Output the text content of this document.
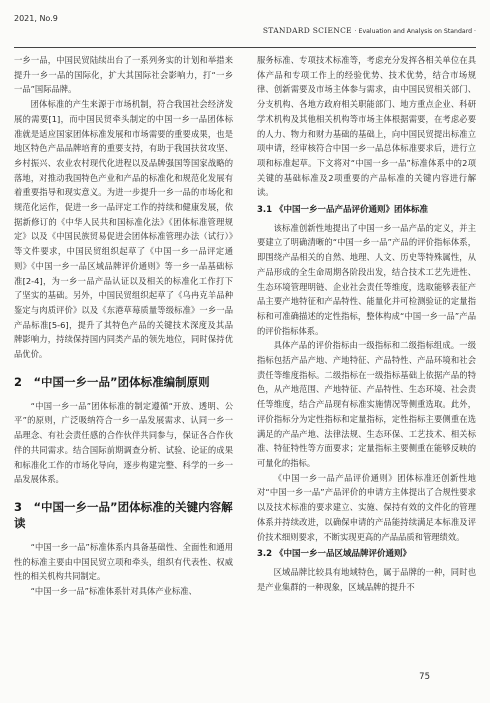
2021, No.9
STANDARD SCIENCE · Evaluation and Analysis on Standard ·

一乡一品，中国民贸陆续出台了一系列务实的计划和举措来提升一乡一品的国际化，扩大其国际社会影响力，打“一乡一品”国际品牌。

团体标准的产生来源于市场机制，符合我国社会经济发展的需要[1]，而中国民贸牵头制定的中国一乡一品团体标准就是适应国家团体标准发展和市场需要的重要成果，也是地区特色产品品牌培育的重要支持，有助于我国扶贫攻坚、乡村振兴、农业农村现代化进程以及品牌强国等国家战略的落地，对推动我国特色产业和产品的标准化和规范化发展有着重要指导和现实意义。为进一步提升一乡一品的市场化和规范化运作，促进一乡一品评定工作的持续和健康发展，依据新修订的《中华人民共和国标准化法》《团体标准管理规定》以及《中国民族贸易促进会团体标准管理办法（试行）》等文件要求，中国民贸组织起草了《中国一乡一品评定通则》《中国一乡一品区域品牌评价通则》等一乡一品基础标准[2-4]，为一乡一品产品认证以及相关的标准化工作打下了坚实的基础。另外，中国民贸组织起草了《乌冉克羊品种鉴定与肉质评价》以及《东港草莓质量等级标准》一乡一品产品标准[5-6]，提升了其特色产品的关键技术深度及其品牌影响力，持续保持国内同类产品的领先地位，同时保持优品优价。

2　“中国一乡一品”团体标准编制原则

“中国一乡一品”团体标准的制定遵循“开放、透明、公平”的原则，广泛吸纳符合一乡一品发展需求、认同一乡一品理念、有社会责任感的合作伙伴共同参与，保证各合作伙伴的共同需求。结合国际前期调查分析、试验、论证的成果和标准化工作的市场化导向，逐步构建完整、科学的一乡一品发展体系。

3　“中国一乡一品”团体标准的关键内容解读

“中国一乡一品”标准体系内具备基础性、全面性和通用性的标准主要由中国民贸立项和牵头，组织有代表性、权威性的相关机构共同制定。

“中国一乡一品”标准体系针对具体产业标准、

服务标准、专项技术标准等，考虑充分发挥各相关单位在具体产品和专项工作上的经验优势、技术优势，结合市场规律、创新需要及市场主体参与需求，由中国民贸相关部门、分支机构、各地方政府相关职能部门、地方重点企业、科研学术机构及其他相关机构等市场主体根据需要，在考虑必要的人力、物力和财力基础的基础上，向中国民贸提出标准立项申请，经审核符合中国一乡一品总体标准要求后，进行立项和标准起草。下文将对“中国一乡一品”标准体系中的2项关键的基础标准及2项重要的产品标准的关键内容进行解读。

3.1 《中国一乡一品产品评价通则》团体标准

该标准创新性地提出了中国一乡一品产品的定义，并主要建立了明确清晰的“中国一乡一品”产品的评价指标体系，即围绕产品相关的自然、地理、人文、历史等特殊属性，从产品形成的全生命周期各阶段出发，结合技术工艺先进性、生态环境管理明链、企业社会责任等维度，选取能够表征产品主要产地特征和产品特性、能量化并可检测验证的定量指标和可准确描述的定性指标，整体构成“中国一乡一品”产品的评价指标体系。

具体产品的评价指标由一级指标和二级指标组成。一级指标包括产品产地、产地特征、产品特性、产品环境和社会责任等维度指标。二级指标在一级指标基础上依据产品的特色，从产地范围、产地特征、产品特性、生态环境、社会责任等维度，结合产品现有标准实施情况等侧重选取。此外，评价指标分为定性指标和定量指标，定性指标主要侧重在选满足的产品产地、法律法规、生态环保、工艺技术、相关标准、特征特性等方面要求；定量指标主要侧重在能够反映的可量化的指标。

《中国一乡一品产品评价通则》团体标准还创新性地对“中国一乡一品”产品评价的申请方主体提出了合规性要求以及技术标准的要求建立、实施、保持有效的文件化的管理体系并持续改进，以确保申请的产品能持续满足本标准及评价技术细则要求，不断实现更高的产品品质和管理绩效。

3.2 《中国一乡一品区域品牌评价通则》

区域品牌比较具有地域特色，属于品牌的一种，同时也是产业集群的一种现象，区域品牌的提升不

75
